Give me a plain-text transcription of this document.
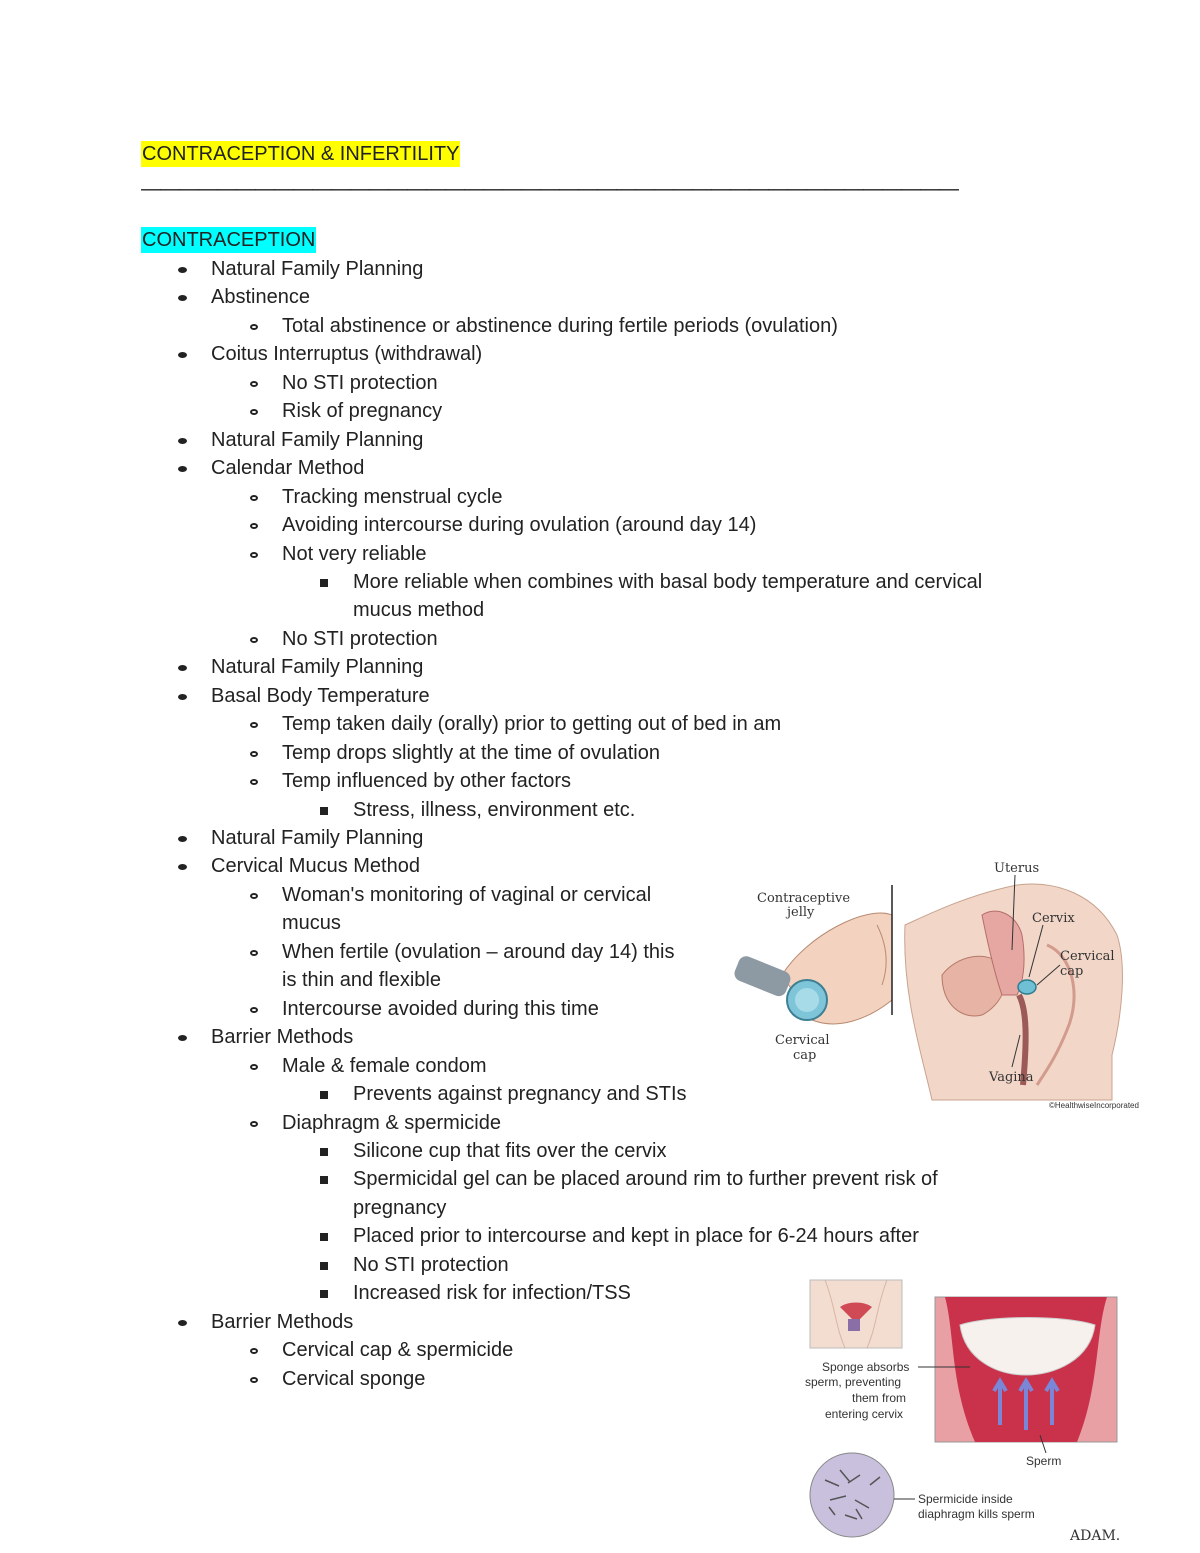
CONTRACEPTION & INFERTILITY
———————————————————————————————————————————
CONTRACEPTION
Natural Family Planning
Abstinence
Total abstinence or abstinence during fertile periods (ovulation)
Coitus Interruptus (withdrawal)
No STI protection
Risk of pregnancy
Natural Family Planning
Calendar Method
Tracking menstrual cycle
Avoiding intercourse during ovulation (around day 14)
Not very reliable
More reliable when combines with basal body temperature and cervical
mucus method
No STI protection
Natural Family Planning
Basal Body Temperature
Temp taken daily (orally) prior to getting out of bed in am
Temp drops slightly at the time of ovulation
Temp influenced by other factors
Stress, illness, environment etc.
Natural Family Planning
Cervical Mucus Method
Woman's monitoring of vaginal or cervical
mucus
When fertile (ovulation – around day 14) this
is thin and flexible
Intercourse avoided during this time
Barrier Methods
Male & female condom
Prevents against pregnancy and STIs
Diaphragm & spermicide
Silicone cup that fits over the cervix
Spermicidal gel can be placed around rim to further prevent risk of
pregnancy
Placed prior to intercourse and kept in place for 6-24 hours after
No STI protection
Increased risk for infection/TSS
Barrier Methods
Cervical cap & spermicide
Cervical sponge
Contraceptive
jelly
Cervical
cap
Uterus
Cervix
Cervical
cap
Vagina
©HealthwiseIncorporated
Sponge absorbs
sperm, preventing
them from
entering cervix
Sperm
Spermicide inside
diaphragm kills sperm
ADAM.
